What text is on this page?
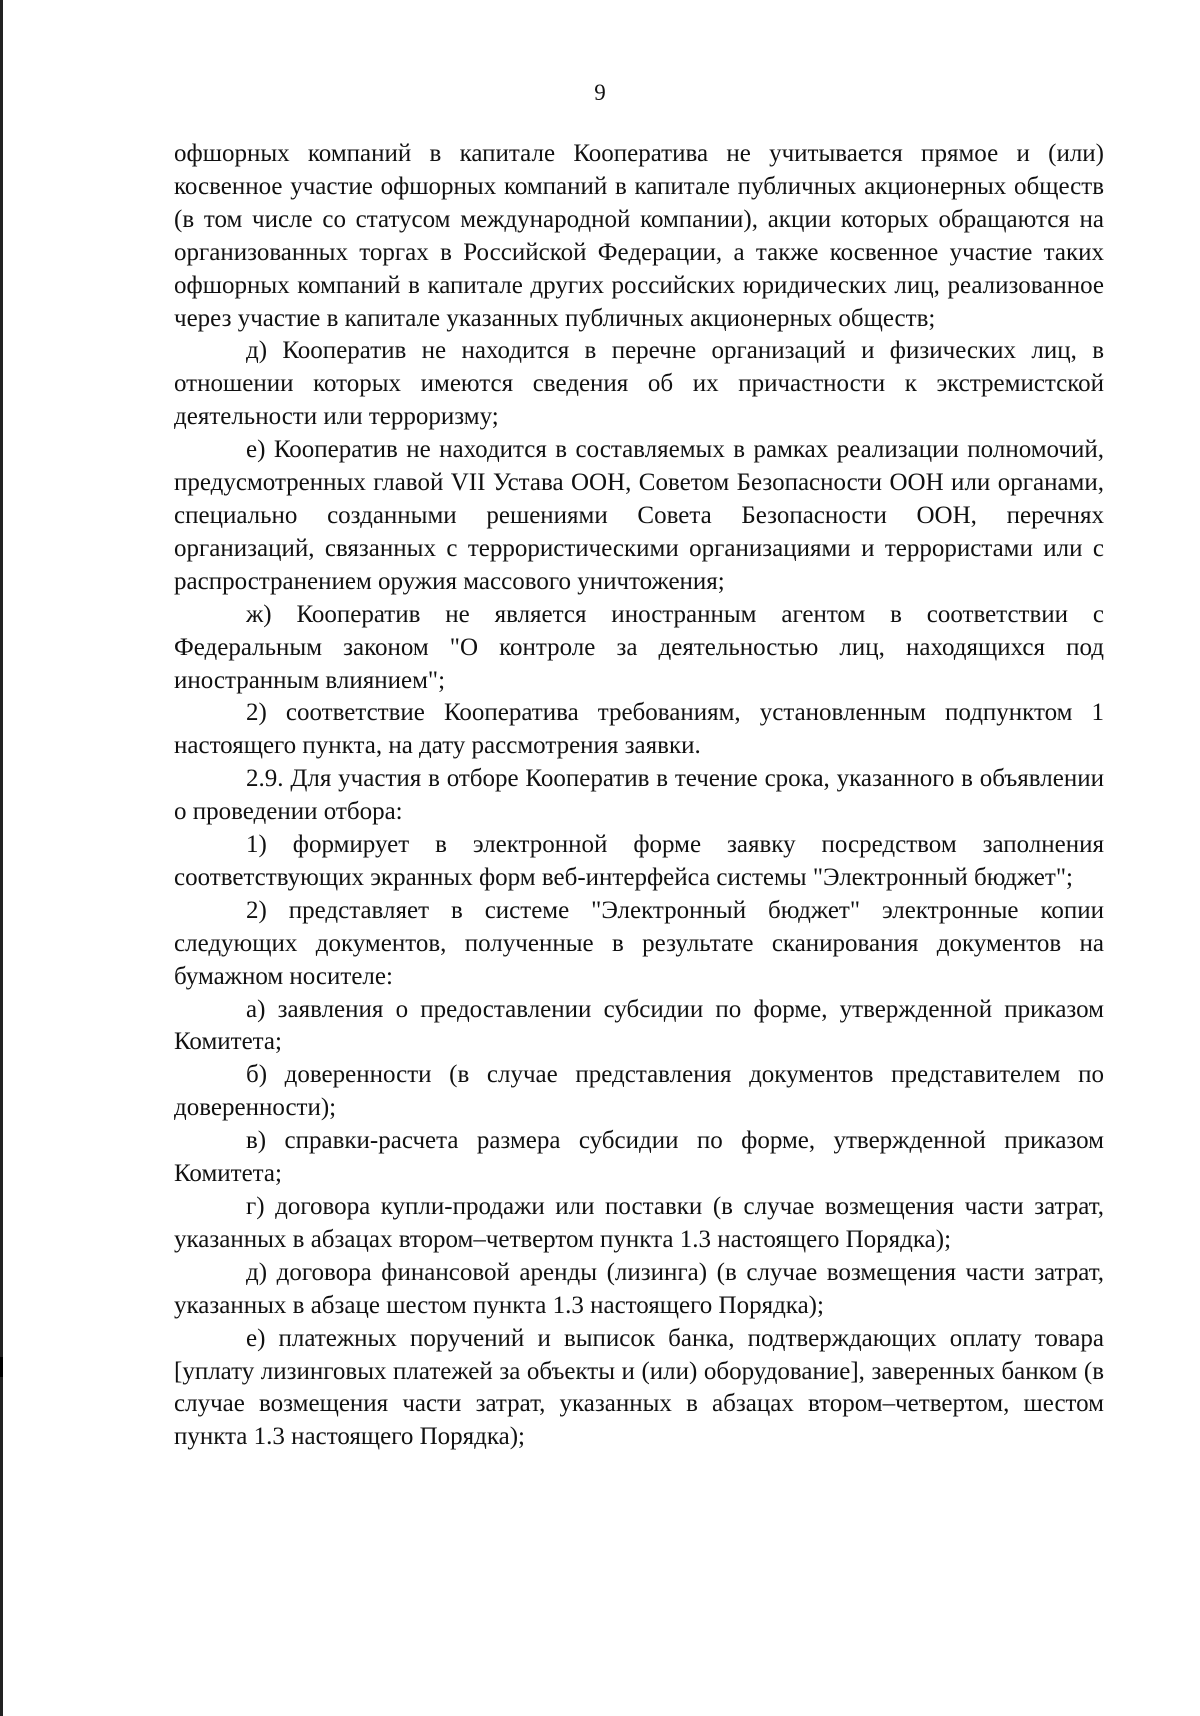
9

офшорных компаний в капитале Кооператива не учитывается прямое и (или) косвенное участие офшорных компаний в капитале публичных акционерных обществ (в том числе со статусом международной компании), акции которых обращаются на организованных торгах в Российской Федерации, а также косвенное участие таких офшорных компаний в капитале других российских юридических лиц, реализованное через участие в капитале указанных публичных акционерных обществ;

д) Кооператив не находится в перечне организаций и физических лиц, в отношении которых имеются сведения об их причастности к экстремистской деятельности или терроризму;

е) Кооператив не находится в составляемых в рамках реализации полномочий, предусмотренных главой VII Устава ООН, Советом Безопасности ООН или органами, специально созданными решениями Совета Безопасности ООН, перечнях организаций, связанных с террористическими организациями и террористами или с распространением оружия массового уничтожения;

ж) Кооператив не является иностранным агентом в соответствии с Федеральным законом "О контроле за деятельностью лиц, находящихся под иностранным влиянием";

2) соответствие Кооператива требованиям, установленным подпунктом 1 настоящего пункта, на дату рассмотрения заявки.

2.9. Для участия в отборе Кооператив в течение срока, указанного в объявлении о проведении отбора:

1) формирует в электронной форме заявку посредством заполнения соответствующих экранных форм веб-интерфейса системы "Электронный бюджет";

2) представляет в системе "Электронный бюджет" электронные копии следующих документов, полученные в результате сканирования документов на бумажном носителе:

а) заявления о предоставлении субсидии по форме, утвержденной приказом Комитета;

б) доверенности (в случае представления документов представителем по доверенности);

в) справки-расчета размера субсидии по форме, утвержденной приказом Комитета;

г) договора купли-продажи или поставки (в случае возмещения части затрат, указанных в абзацах втором–четвертом пункта 1.3 настоящего Порядка);

д) договора финансовой аренды (лизинга) (в случае возмещения части затрат, указанных в абзаце шестом пункта 1.3 настоящего Порядка);

е) платежных поручений и выписок банка, подтверждающих оплату товара [уплату лизинговых платежей за объекты и (или) оборудование], заверенных банком (в случае возмещения части затрат, указанных в абзацах втором–четвертом, шестом пункта 1.3 настоящего Порядка);
